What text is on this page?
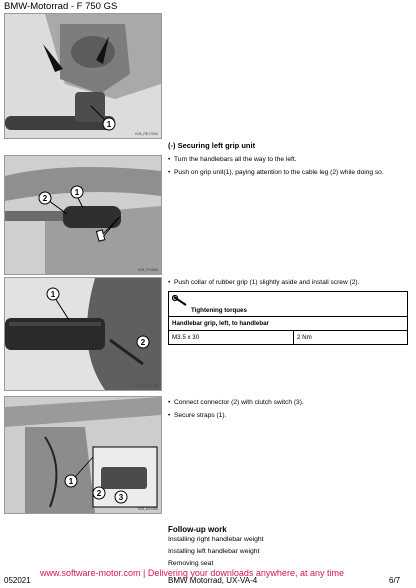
BMW-Motorrad - F 750 GS
1
K08_RE17094
(-) Securing left grip unit
• Turn the handlebars all the way to the left.
• Push on grip unit(1), paying attention to the cable leg (2) while doing so.
2
1
K08_F01888
• Push collar of rubber grip (1) slightly aside and install screw (2).
Tightening torques
Handlebar grip, left, to handlebar
M3.5 x 30	2 Nm
1
2
K08_RE09476
• Connect connector (2) with clutch switch (3).
• Secure straps (1).
1
2 3
K08_A01086
Follow-up work
Installing right handlebar weight
Installing left handlebar weight
Removing seat
052021	BMW Motorrad, UX-VA-4	6/7
www.software-motor.com | Delivering your downloads anywhere, at any time
